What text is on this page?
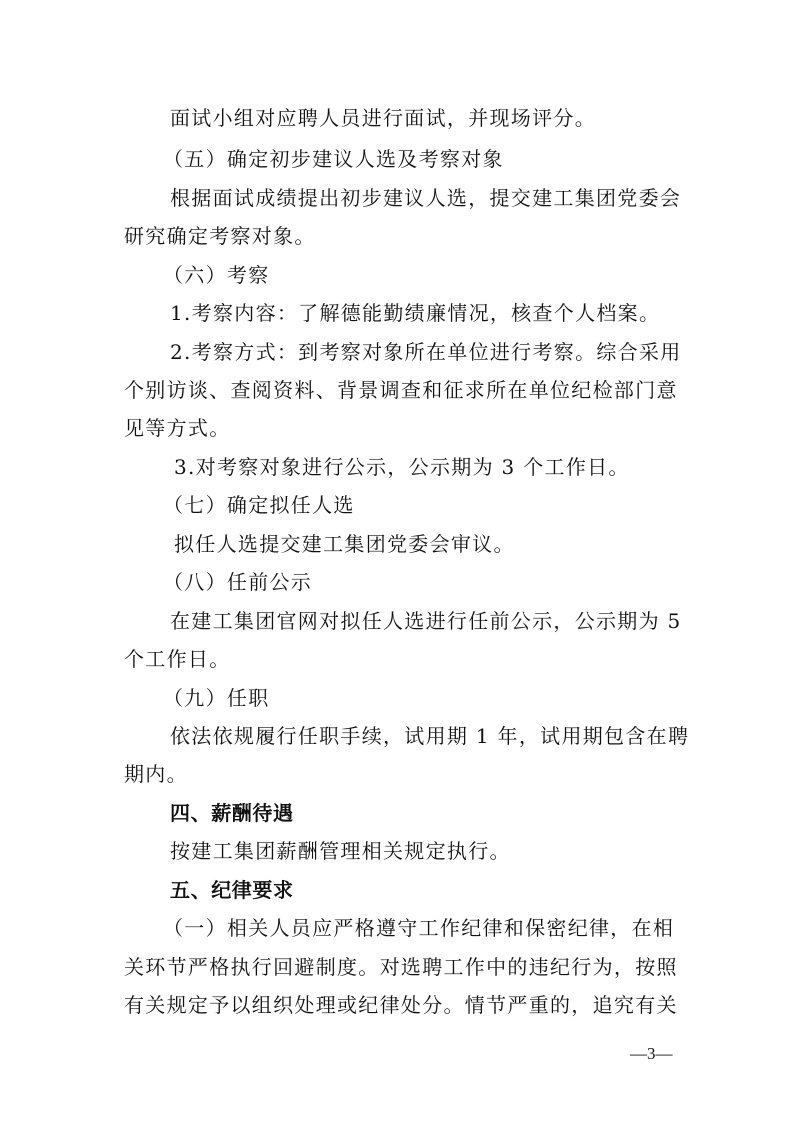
面试小组对应聘人员进行面试，并现场评分。
（五）确定初步建议人选及考察对象
根据面试成绩提出初步建议人选，提交建工集团党委会
研究确定考察对象。
（六）考察
1.考察内容：了解德能勤绩廉情况，核查个人档案。
2.考察方式：到考察对象所在单位进行考察。综合采用
个别访谈、查阅资料、背景调查和征求所在单位纪检部门意
见等方式。
3.对考察对象进行公示，公示期为 3 个工作日。
（七）确定拟任人选
拟任人选提交建工集团党委会审议。
（八）任前公示
在建工集团官网对拟任人选进行任前公示，公示期为 5
个工作日。
（九）任职
依法依规履行任职手续，试用期 1 年，试用期包含在聘
期内。
四、薪酬待遇
按建工集团薪酬管理相关规定执行。
五、纪律要求
（一）相关人员应严格遵守工作纪律和保密纪律，在相
关环节严格执行回避制度。对选聘工作中的违纪行为，按照
有关规定予以组织处理或纪律处分。情节严重的，追究有关
—3—
